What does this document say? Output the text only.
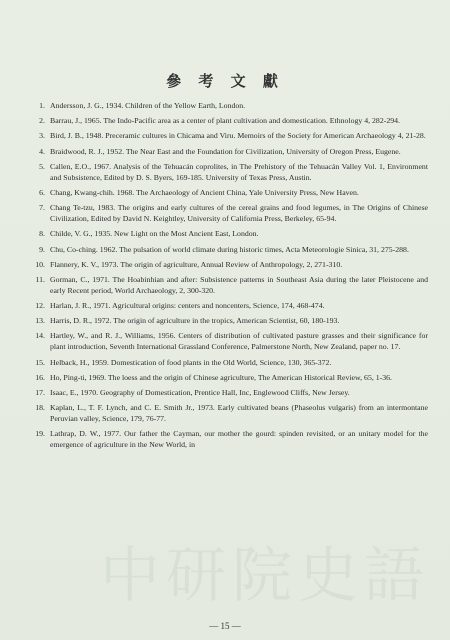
參 考 文 獻
1. Andersson, J. G., 1934. Children of the Yellow Earth, London.
2. Barrau, J., 1965. The Indo-Pacific area as a center of plant cultivation and domestication. Ethnology 4, 282-294.
3. Bird, J. B., 1948. Preceramic cultures in Chicama and Viru. Memoirs of the Society for American Archaeology 4, 21-28.
4. Braidwood, R. J., 1952. The Near East and the Foundation for Civilization, University of Oregon Press, Eugene.
5. Callen, E.O., 1967. Analysis of the Tehuacán coprolites, in The Prehistory of the Tehuacán Valley Vol. 1, Environment and Subsistence, Edited by D. S. Byers, 169-185. University of Texas Press, Austin.
6. Chang, Kwang-chih. 1968. The Archaeology of Ancient China, Yale University Press, New Haven.
7. Chang Te-tzu, 1983. The origins and early cultures of the cereal grains and food legumes, in The Origins of Chinese Civilization, Edited by David N. Keightley, University of California Press, Berkeley, 65-94.
8. Childe, V. G., 1935. New Light on the Most Ancient East, London.
9. Chu, Co-ching. 1962. The pulsation of world climate during historic times, Acta Meteorologie Sinica, 31, 275-288.
10. Flannery, K. V., 1973. The origin of agriculture, Annual Review of Anthropology, 2, 271-310.
11. Gorman, C., 1971. The Hoabinhian and after: Subsistence patterns in Southeast Asia during the later Pleistocene and early Recent period, World Archaeology, 2, 300-320.
12. Harlan, J. R., 1971. Agricultural origins: centers and noncenters, Science, 174, 468-474.
13. Harris, D. R., 1972. The origin of agriculture in the tropics, American Scientist, 60, 180-193.
14. Hartley, W., and R. J., Williams, 1956. Centers of distribution of cultivated pasture grasses and their significance for plant introduction, Seventh International Grassland Conference, Palmerstone North, New Zealand, paper no. 17.
15. Helback, H., 1959. Domestication of food plants in the Old World, Science, 130, 365-372.
16. Ho, Ping-ti, 1969. The loess and the origin of Chinese agriculture, The American Historical Review, 65, 1-36.
17. Isaac, E., 1970. Geography of Domestication, Prentice Hall, Inc, Englewood Cliffs, New Jersey.
18. Kaplan, L., T. F. Lynch, and C. E. Smith Jr., 1973. Early cultivated beans (Phaseolus vulgaris) from an intermontane Peruvian valley, Science, 179, 76-77.
19. Lathrap, D. W., 1977. Our father the Cayman, our mother the gourd: spinden revisited, or an unitary model for the emergence of agriculture in the New World, in
— 15 —
中研院史語
